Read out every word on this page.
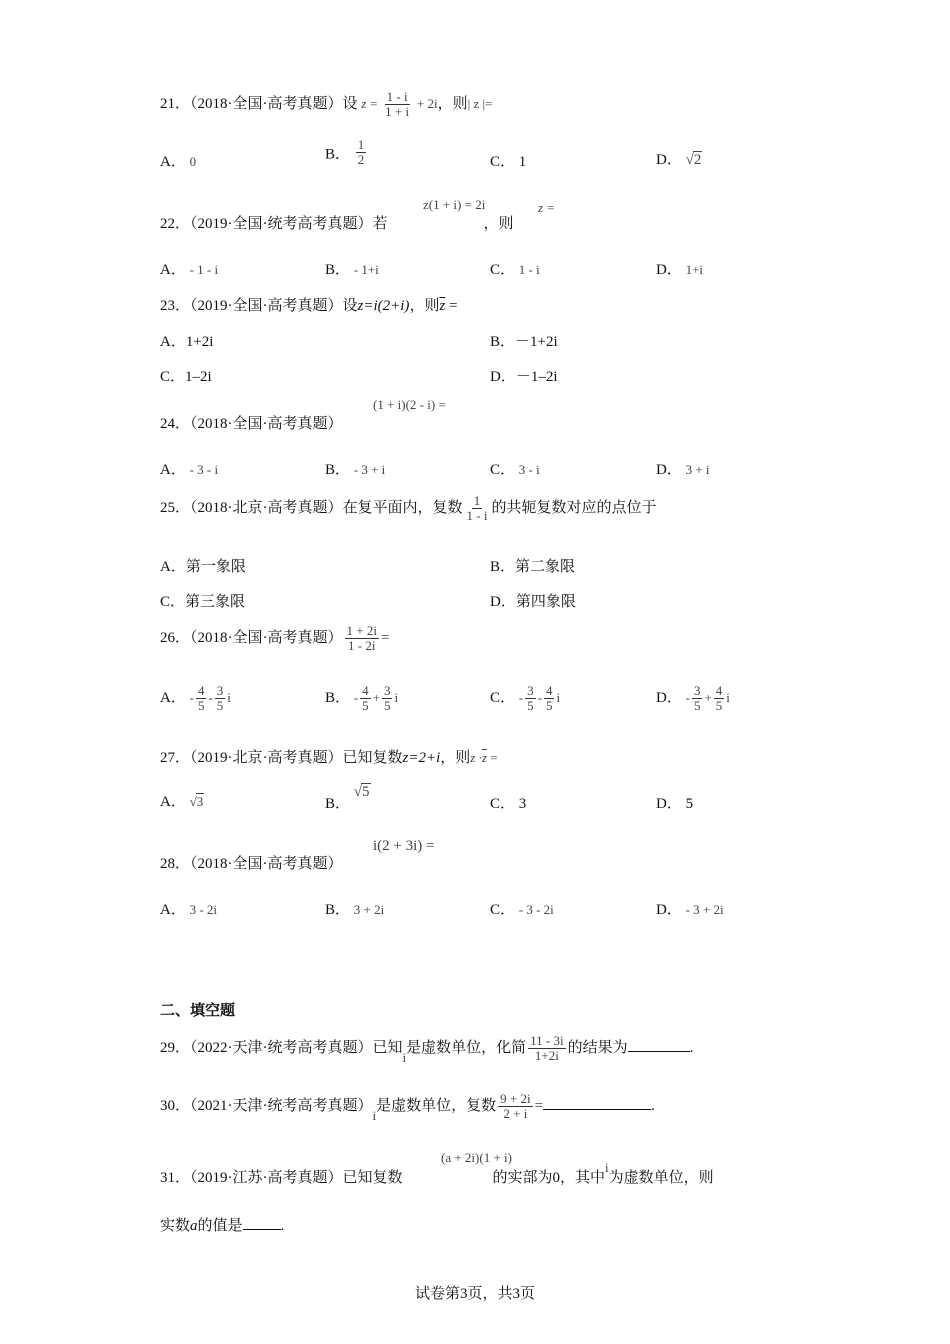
21．（2018·全国·高考真题）设 $z = \frac{1 - i}{1 + i} + 2i$，则| z |=
A． 0	B． $\frac{1}{2}$	C． 1	D． √2
z(1 + i) = 2i
22．（2019·全国·统考高考真题）若	，则
z =
A． - 1 - i	B． - 1+i	C． 1 - i	D． 1+i
23．（2019·全国·高考真题）设z=i(2+i)，则$\overline{z}$ =
A．1+2i	B．－1+2i
C．1–2i	D．－1–2i
(1 + i)(2 - i) =
24．（2018·全国·高考真题）
A． - 3 - i	B． - 3 + i	C． 3 - i	D． 3 + i
25．（2018·北京·高考真题）在复平面内，复数 $\frac{1}{1 - i}$ 的共轭复数对应的点位于
A．第一象限	B．第二象限
C．第三象限	D．第四象限
26．（2018·全国·高考真题） $\frac{1 + 2i}{1 - 2i}$ =
A． - $\frac{4}{5} - \frac{3}{5}$ i	B． - $\frac{4}{5} + \frac{3}{5}$ i	C． - $\frac{3}{5} - \frac{4}{5}$ i	D． - $\frac{3}{5} + \frac{4}{5}$ i
27．（2019·北京·高考真题）已知复数z=2+i，则$z \cdot\overline{z}$ =
A． √3	B． √5
C． 3	D． 5
i(2 + 3i) =
28．（2018·全国·高考真题）
A． 3 - 2i	B． 3 + 2i	C． - 3 - 2i	D． - 3 + 2i
二、填空题
29．（2022·天津·统考高考真题）已知i是虚数单位，化简 $\frac{11 - 3i}{1+2i}$ 的结果为	.
30．（2021·天津·统考高考真题）i是虚数单位，复数 $\frac{9 + 2i}{2 + i}$ =	.
(a + 2i)(1 + i)
31．（2019·江苏·高考真题）已知复数	的实部为0，其中i为虚数单位，则
实数a的值是	.
试卷第3页，共3页
